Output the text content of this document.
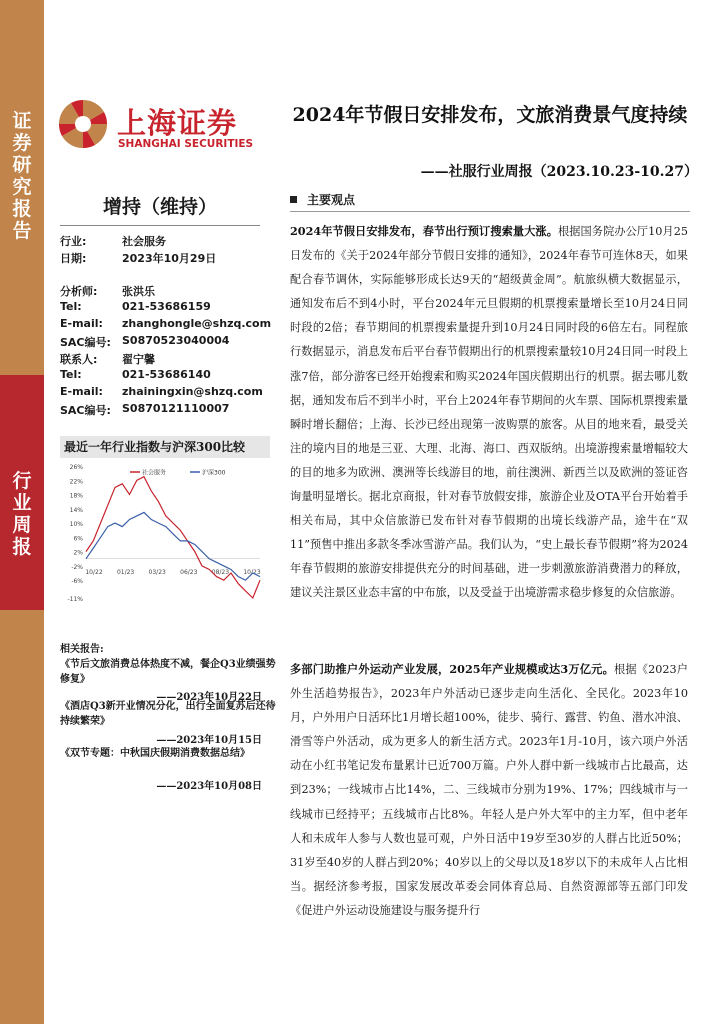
证券研究报告
行业周报
上海证券
SHANGHAI SECURITIES
2024年节假日安排发布，文旅消费景气度持续
——社服行业周报（2023.10.23-10.27）
增持（维持）
行业:	社会服务
日期:	2023年10月29日
分析师: 张洪乐
Tel:	021-53686159
E-mail: zhanghongle@shzq.com
SAC编号: S0870523040004
联系人: 翟宁馨
Tel:	021-53686140
E-mail: zhainingxin@shzq.com
SAC编号: S0870121110007
最近一年行业指数与沪深300比较
26%
22%
18%
14%
10%
6%
2%
-2%
-6%
-11%
10/22 01/23 03/23 06/23 08/23 10/23
社会服务	沪深300
相关报告:
《节后文旅消费总体热度不减，餐企Q3业绩强势修复》
——2023年10月22日
《酒店Q3新开业情况分化，出行全面复苏后还待持续繁荣》
——2023年10月15日
《双节专题：中秋国庆假期消费数据总结》
——2023年10月08日
主要观点
2024年节假日安排发布，春节出行预订搜索量大涨。根据国务院办公厅10月25日发布的《关于2024年部分节假日安排的通知》，2024年春节可连休8天，如果配合春节调休，实际能够形成长达9天的“超级黄金周”。航旅纵横大数据显示，通知发布后不到4小时，平台2024年元旦假期的机票搜索量增长至10月24日同时段的2倍；春节期间的机票搜索量提升到10月24日同时段的6倍左右。同程旅行数据显示，消息发布后平台春节假期出行的机票搜索量较10月24日同一时段上涨7倍，部分游客已经开始搜索和购买2024年国庆假期出行的机票。据去哪儿数据，通知发布后不到半小时，平台上2024年春节期间的火车票、国际机票搜索量瞬时增长翻倍；上海、长沙已经出现第一波购票的旅客。从目的地来看，最受关注的境内目的地是三亚、大理、北海、海口、西双版纳。出境游搜索量增幅较大的目的地多为欧洲、澳洲等长线游目的地，前往澳洲、新西兰以及欧洲的签证咨询量明显增长。据北京商报，针对春节放假安排，旅游企业及OTA平台开始着手相关布局，其中众信旅游已发布针对春节假期的出境长线游产品，途牛在“双11”预售中推出多款冬季冰雪游产品。我们认为，“史上最长春节假期”将为2024年春节假期的旅游安排提供充分的时间基础，进一步刺激旅游消费潜力的释放，建议关注景区业态丰富的中布旅，以及受益于出境游需求稳步修复的众信旅游。
多部门助推户外运动产业发展，2025年产业规模或达3万亿元。根据《2023户外生活趋势报告》，2023年户外活动已逐步走向生活化、全民化。2023年10月，户外用户日活环比1月增长超100%，徒步、骑行、露营、钓鱼、潜水冲浪、滑雪等户外活动，成为更多人的新生活方式。2023年1月-10月，该六项户外活动在小红书笔记发布量累计已近700万篇。户外人群中新一线城市占比最高，达到23%；一线城市占比14%，二、三线城市分别为19%、17%；四线城市与一线城市已经持平；五线城市占比8%。年轻人是户外大军中的主力军，但中老年人和未成年人参与人数也显可观，户外日活中19岁至30岁的人群占比近50%；31岁至40岁的人群占到20%；40岁以上的父母以及18岁以下的未成年人占比相当。据经济参考报，国家发展改革委会同体育总局、自然资源部等五部门印发《促进户外运动设施建设与服务提升行
